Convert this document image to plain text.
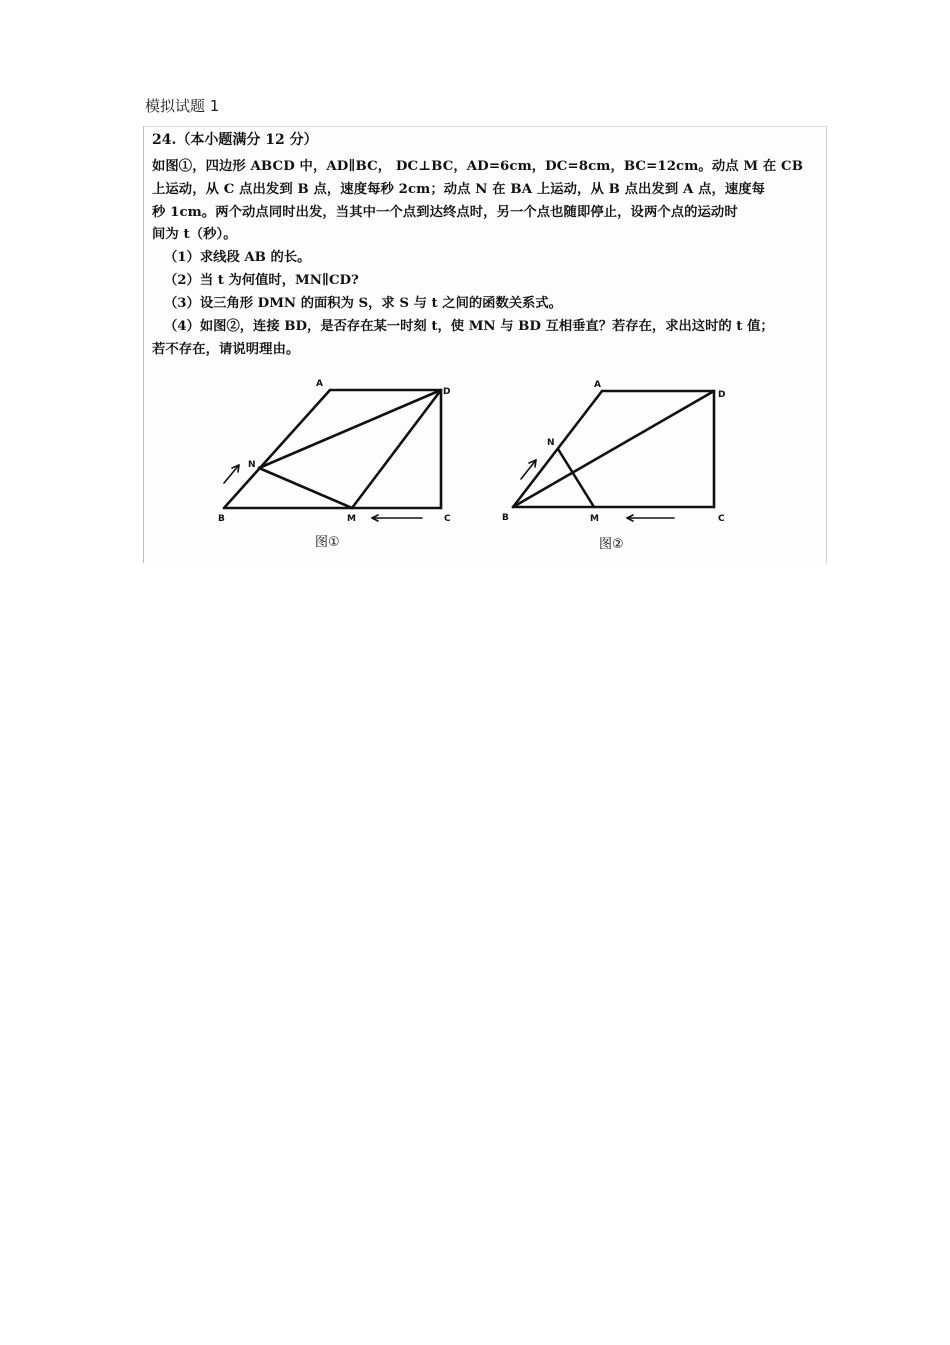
模拟试题 1
24.（本小题满分 12 分）
如图①，四边形 ABCD 中，AD∥BC， DC⊥BC，AD=6cm，DC=8cm，BC=12cm。动点 M 在 CB
上运动，从 C 点出发到 B 点，速度每秒 2cm；动点 N 在 BA 上运动，从 B 点出发到 A 点，速度每
秒 1cm。两个动点同时出发，当其中一个点到达终点时，另一个点也随即停止，设两个点的运动时
间为 t（秒）。
（1）求线段 AB 的长。
（2）当 t 为何值时，MN∥CD?
（3）设三角形 DMN 的面积为 S，求 S 与 t 之间的函数关系式。
（4）如图②，连接 BD，是否存在某一时刻 t，使 MN 与 BD 互相垂直？若存在，求出这时的 t 值；
若不存在，请说明理由。
A
D
N
B	M	C
A
D
N
B	M	C
图①	图②
